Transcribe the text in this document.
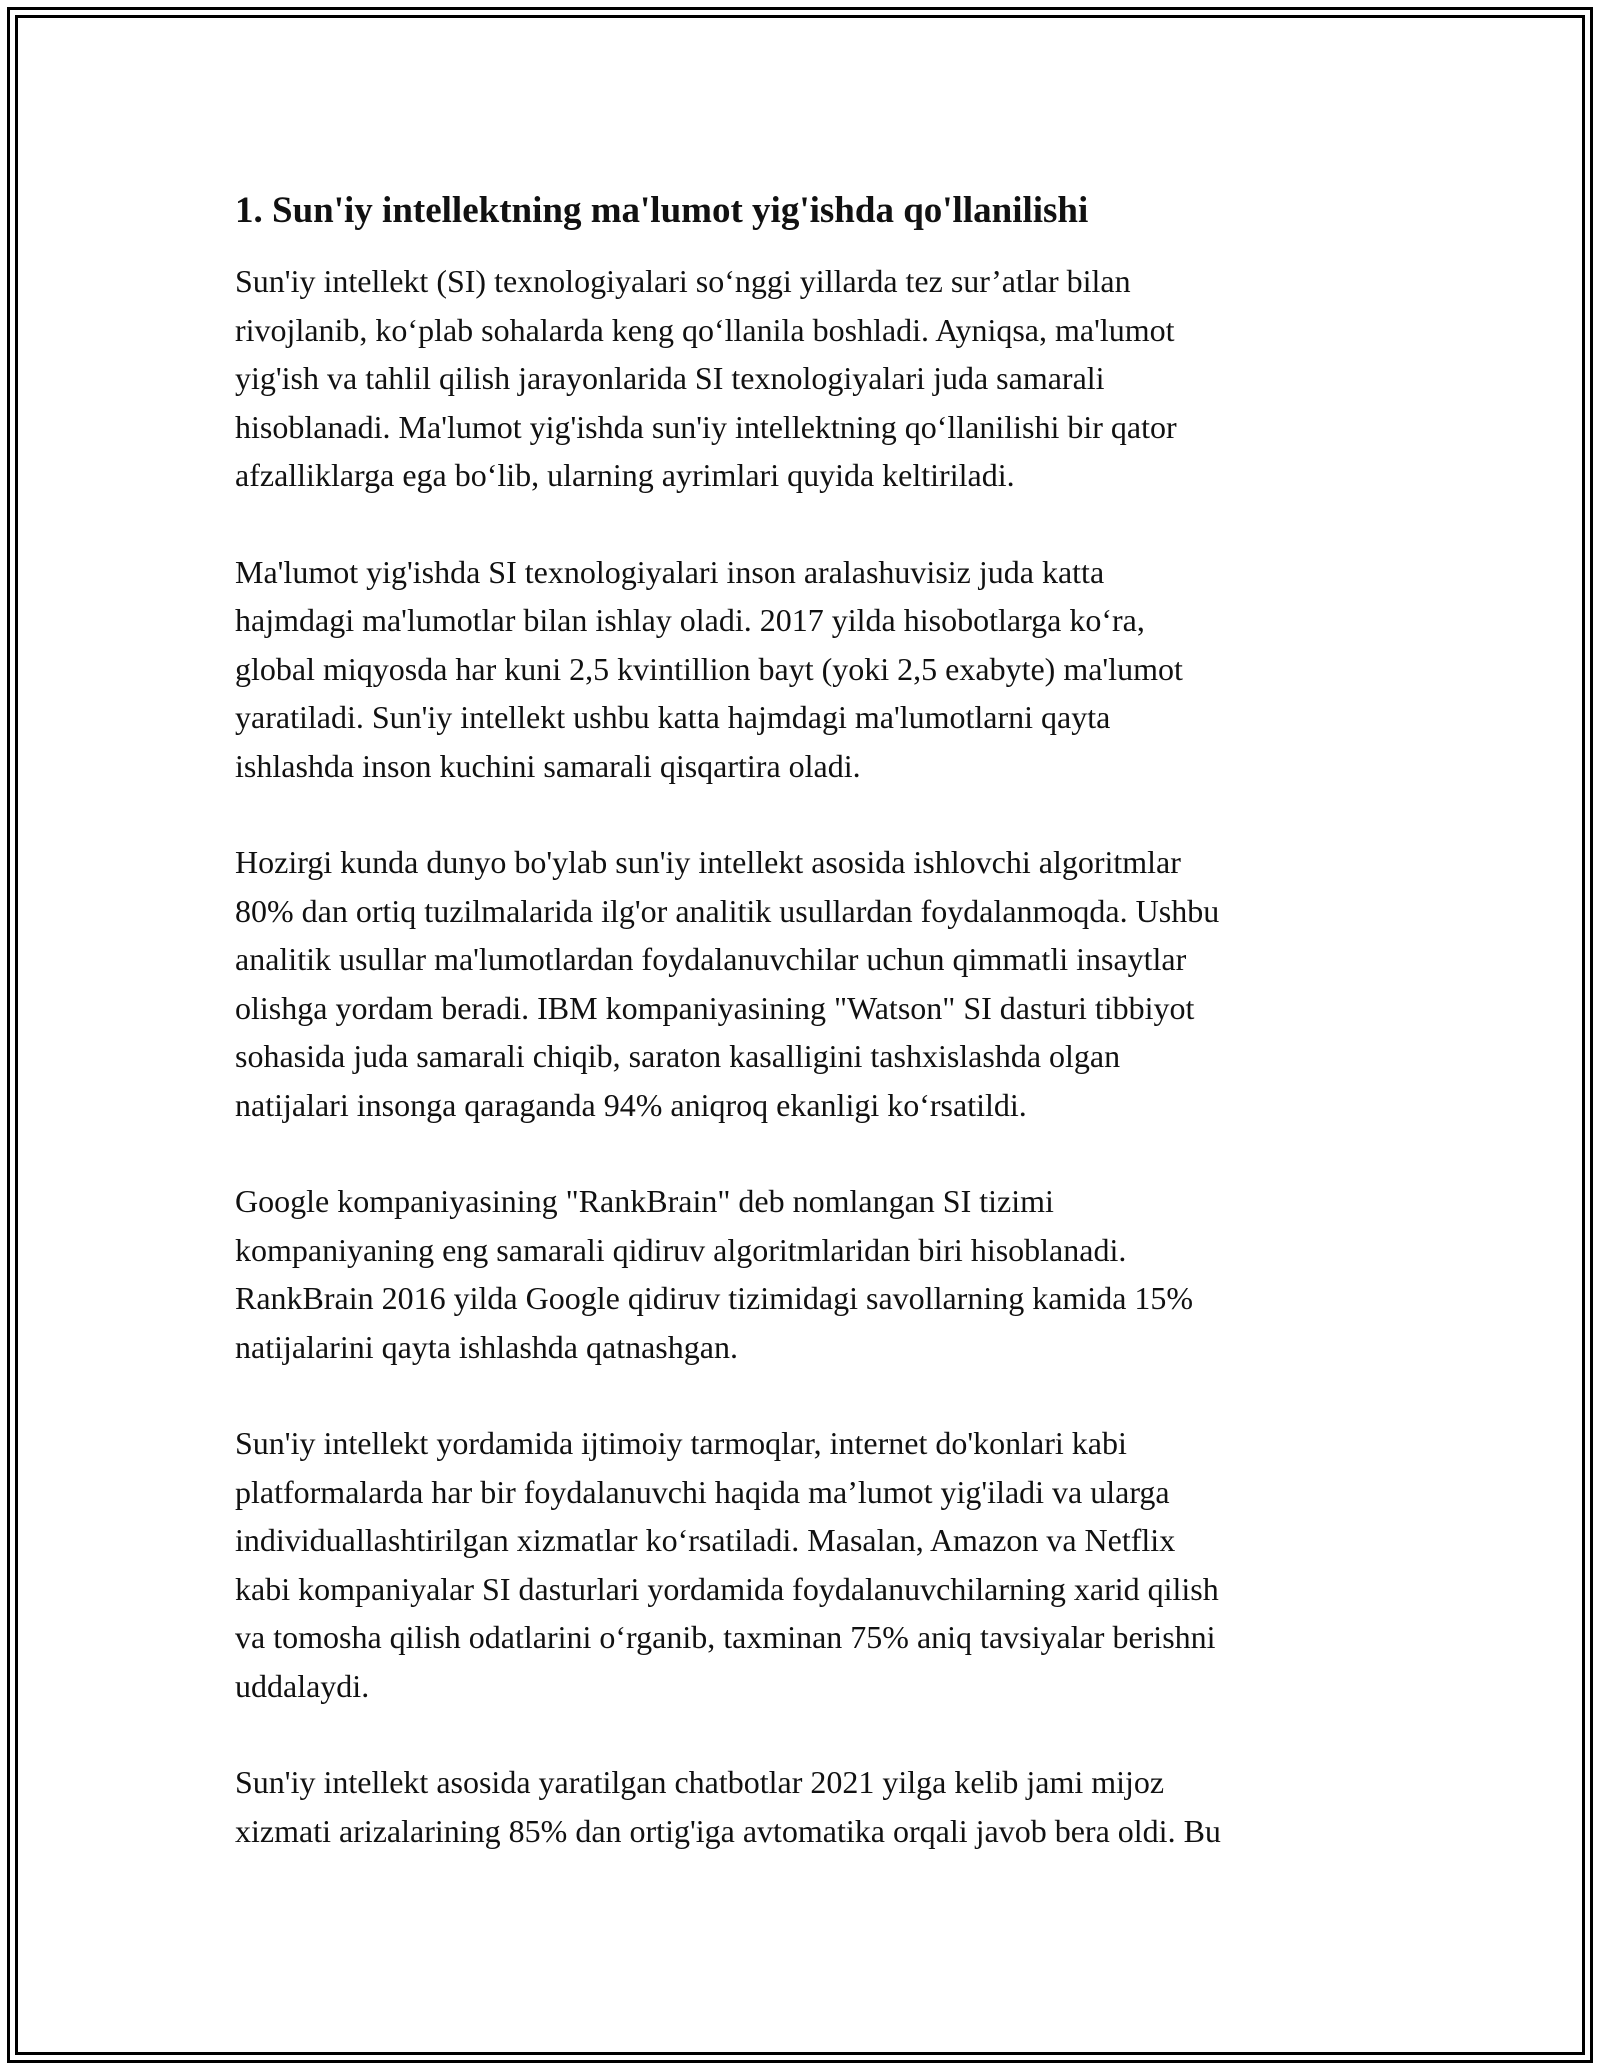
1. Sun'iy intellektning ma'lumot yig'ishda qo'llanilishi

Sun'iy intellekt (SI) texnologiyalari so‘nggi yillarda tez sur’atlar bilan
rivojlanib, ko‘plab sohalarda keng qo‘llanila boshladi. Ayniqsa, ma'lumot
yig'ish va tahlil qilish jarayonlarida SI texnologiyalari juda samarali
hisoblanadi. Ma'lumot yig'ishda sun'iy intellektning qo‘llanilishi bir qator
afzalliklarga ega bo‘lib, ularning ayrimlari quyida keltiriladi.

Ma'lumot yig'ishda SI texnologiyalari inson aralashuvisiz juda katta
hajmdagi ma'lumotlar bilan ishlay oladi. 2017 yilda hisobotlarga ko‘ra,
global miqyosda har kuni 2,5 kvintillion bayt (yoki 2,5 exabyte) ma'lumot
yaratiladi. Sun'iy intellekt ushbu katta hajmdagi ma'lumotlarni qayta
ishlashda inson kuchini samarali qisqartira oladi.

Hozirgi kunda dunyo bo'ylab sun'iy intellekt asosida ishlovchi algoritmlar
80% dan ortiq tuzilmalarida ilg'or analitik usullardan foydalanmoqda. Ushbu
analitik usullar ma'lumotlardan foydalanuvchilar uchun qimmatli insaytlar
olishga yordam beradi. IBM kompaniyasining "Watson" SI dasturi tibbiyot
sohasida juda samarali chiqib, saraton kasalligini tashxislashda olgan
natijalari insonga qaraganda 94% aniqroq ekanligi ko‘rsatildi.

Google kompaniyasining "RankBrain" deb nomlangan SI tizimi
kompaniyaning eng samarali qidiruv algoritmlaridan biri hisoblanadi.
RankBrain 2016 yilda Google qidiruv tizimidagi savollarning kamida 15%
natijalarini qayta ishlashda qatnashgan.

Sun'iy intellekt yordamida ijtimoiy tarmoqlar, internet do'konlari kabi
platformalarda har bir foydalanuvchi haqida ma’lumot yig'iladi va ularga
individuallashtirilgan xizmatlar ko‘rsatiladi. Masalan, Amazon va Netflix
kabi kompaniyalar SI dasturlari yordamida foydalanuvchilarning xarid qilish
va tomosha qilish odatlarini o‘rganib, taxminan 75% aniq tavsiyalar berishni
uddalaydi.

Sun'iy intellekt asosida yaratilgan chatbotlar 2021 yilga kelib jami mijoz
xizmati arizalarining 85% dan ortig'iga avtomatika orqali javob bera oldi. Bu
